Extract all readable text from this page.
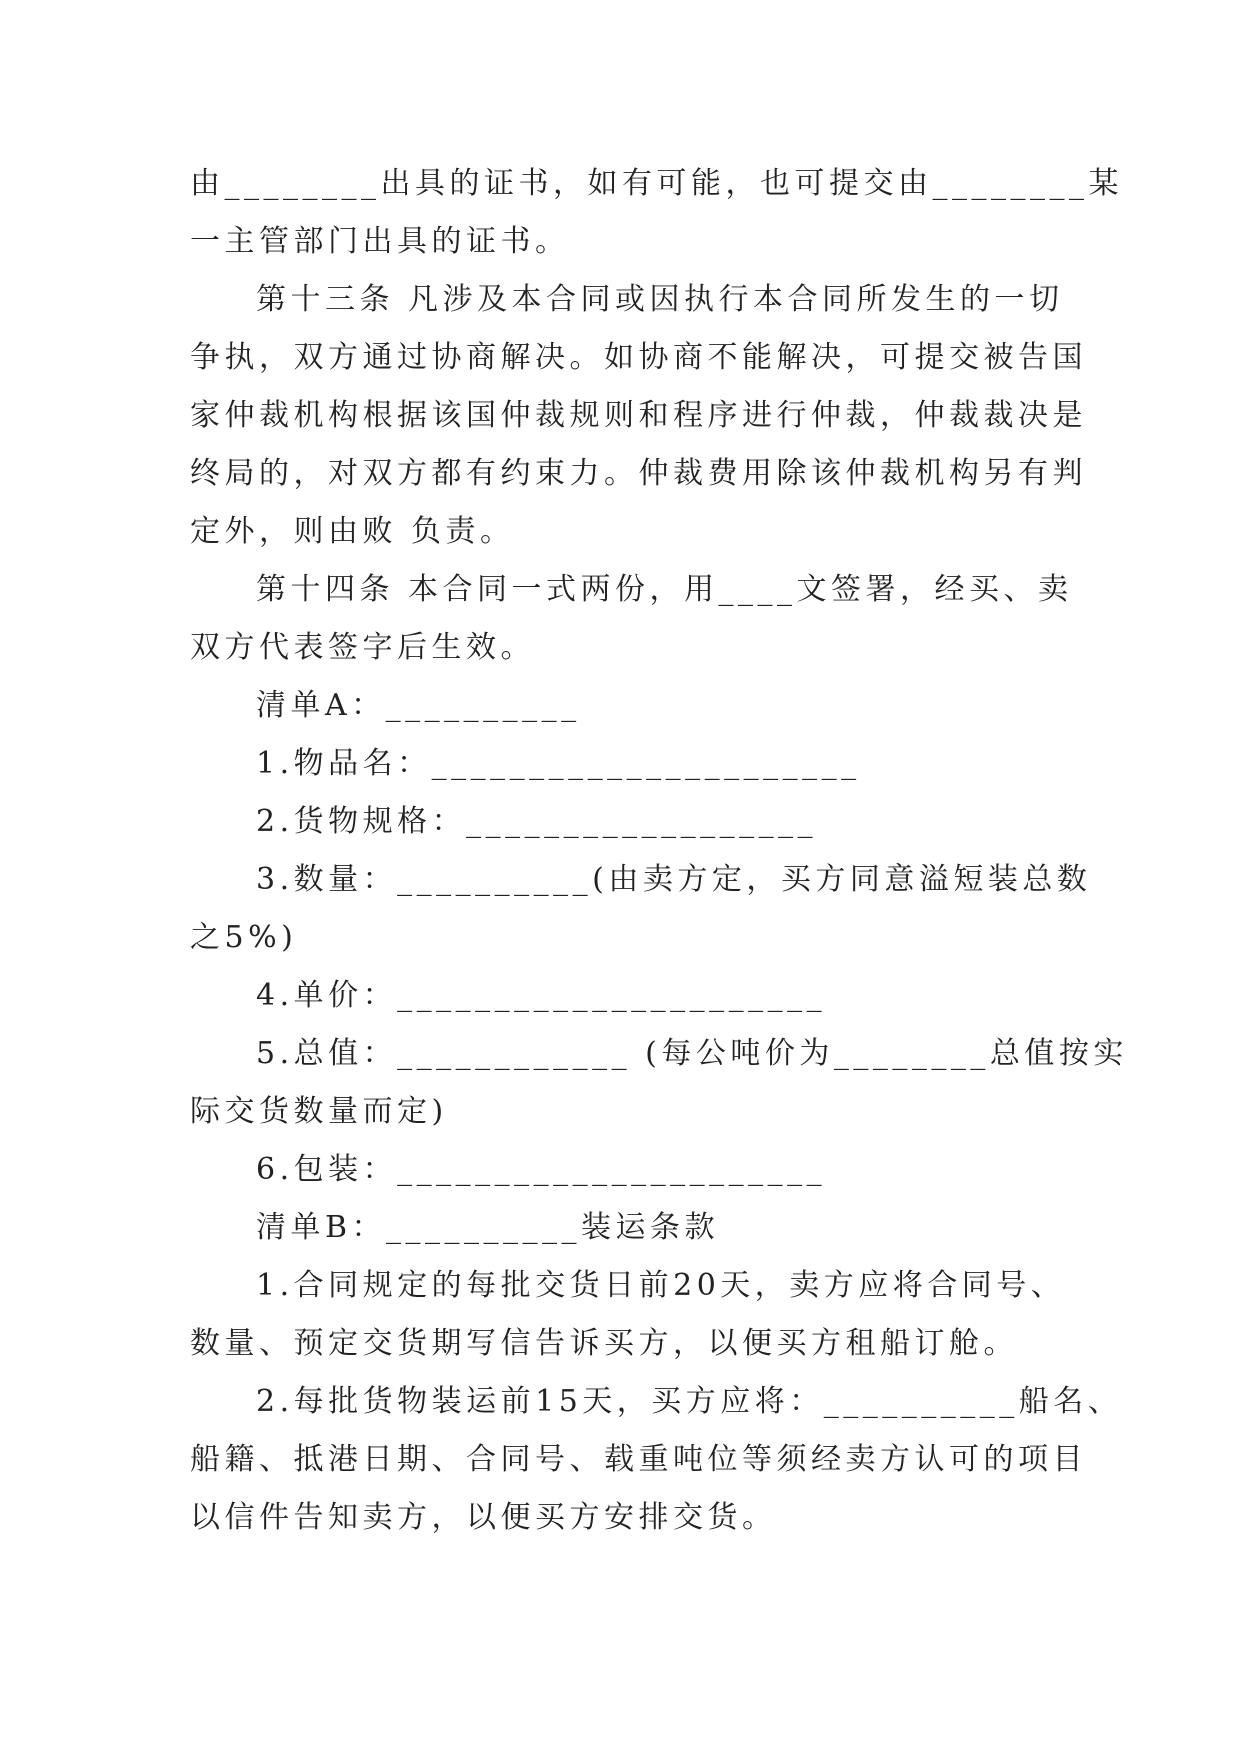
由________出具的证书，如有可能，也可提交由________某
一主管部门出具的证书。
第十三条 凡涉及本合同或因执行本合同所发生的一切
争执，双方通过协商解决。如协商不能解决，可提交被告国
家仲裁机构根据该国仲裁规则和程序进行仲裁，仲裁裁决是
终局的，对双方都有约束力。仲裁费用除该仲裁机构另有判
定外，则由败 负责。
第十四条 本合同一式两份，用____文签署，经买、卖
双方代表签字后生效。
清单A：__________
1.物品名：______________________
2.货物规格：__________________
3.数量：__________(由卖方定，买方同意溢短装总数
之5%)
4.单价：______________________
5.总值：____________ (每公吨价为________总值按实
际交货数量而定)
6.包装：______________________
清单B：__________装运条款
1.合同规定的每批交货日前20天，卖方应将合同号、
数量、预定交货期写信告诉买方，以便买方租船订舱。
2.每批货物装运前15天，买方应将：__________船名、
船籍、抵港日期、合同号、载重吨位等须经卖方认可的项目
以信件告知卖方，以便买方安排交货。
